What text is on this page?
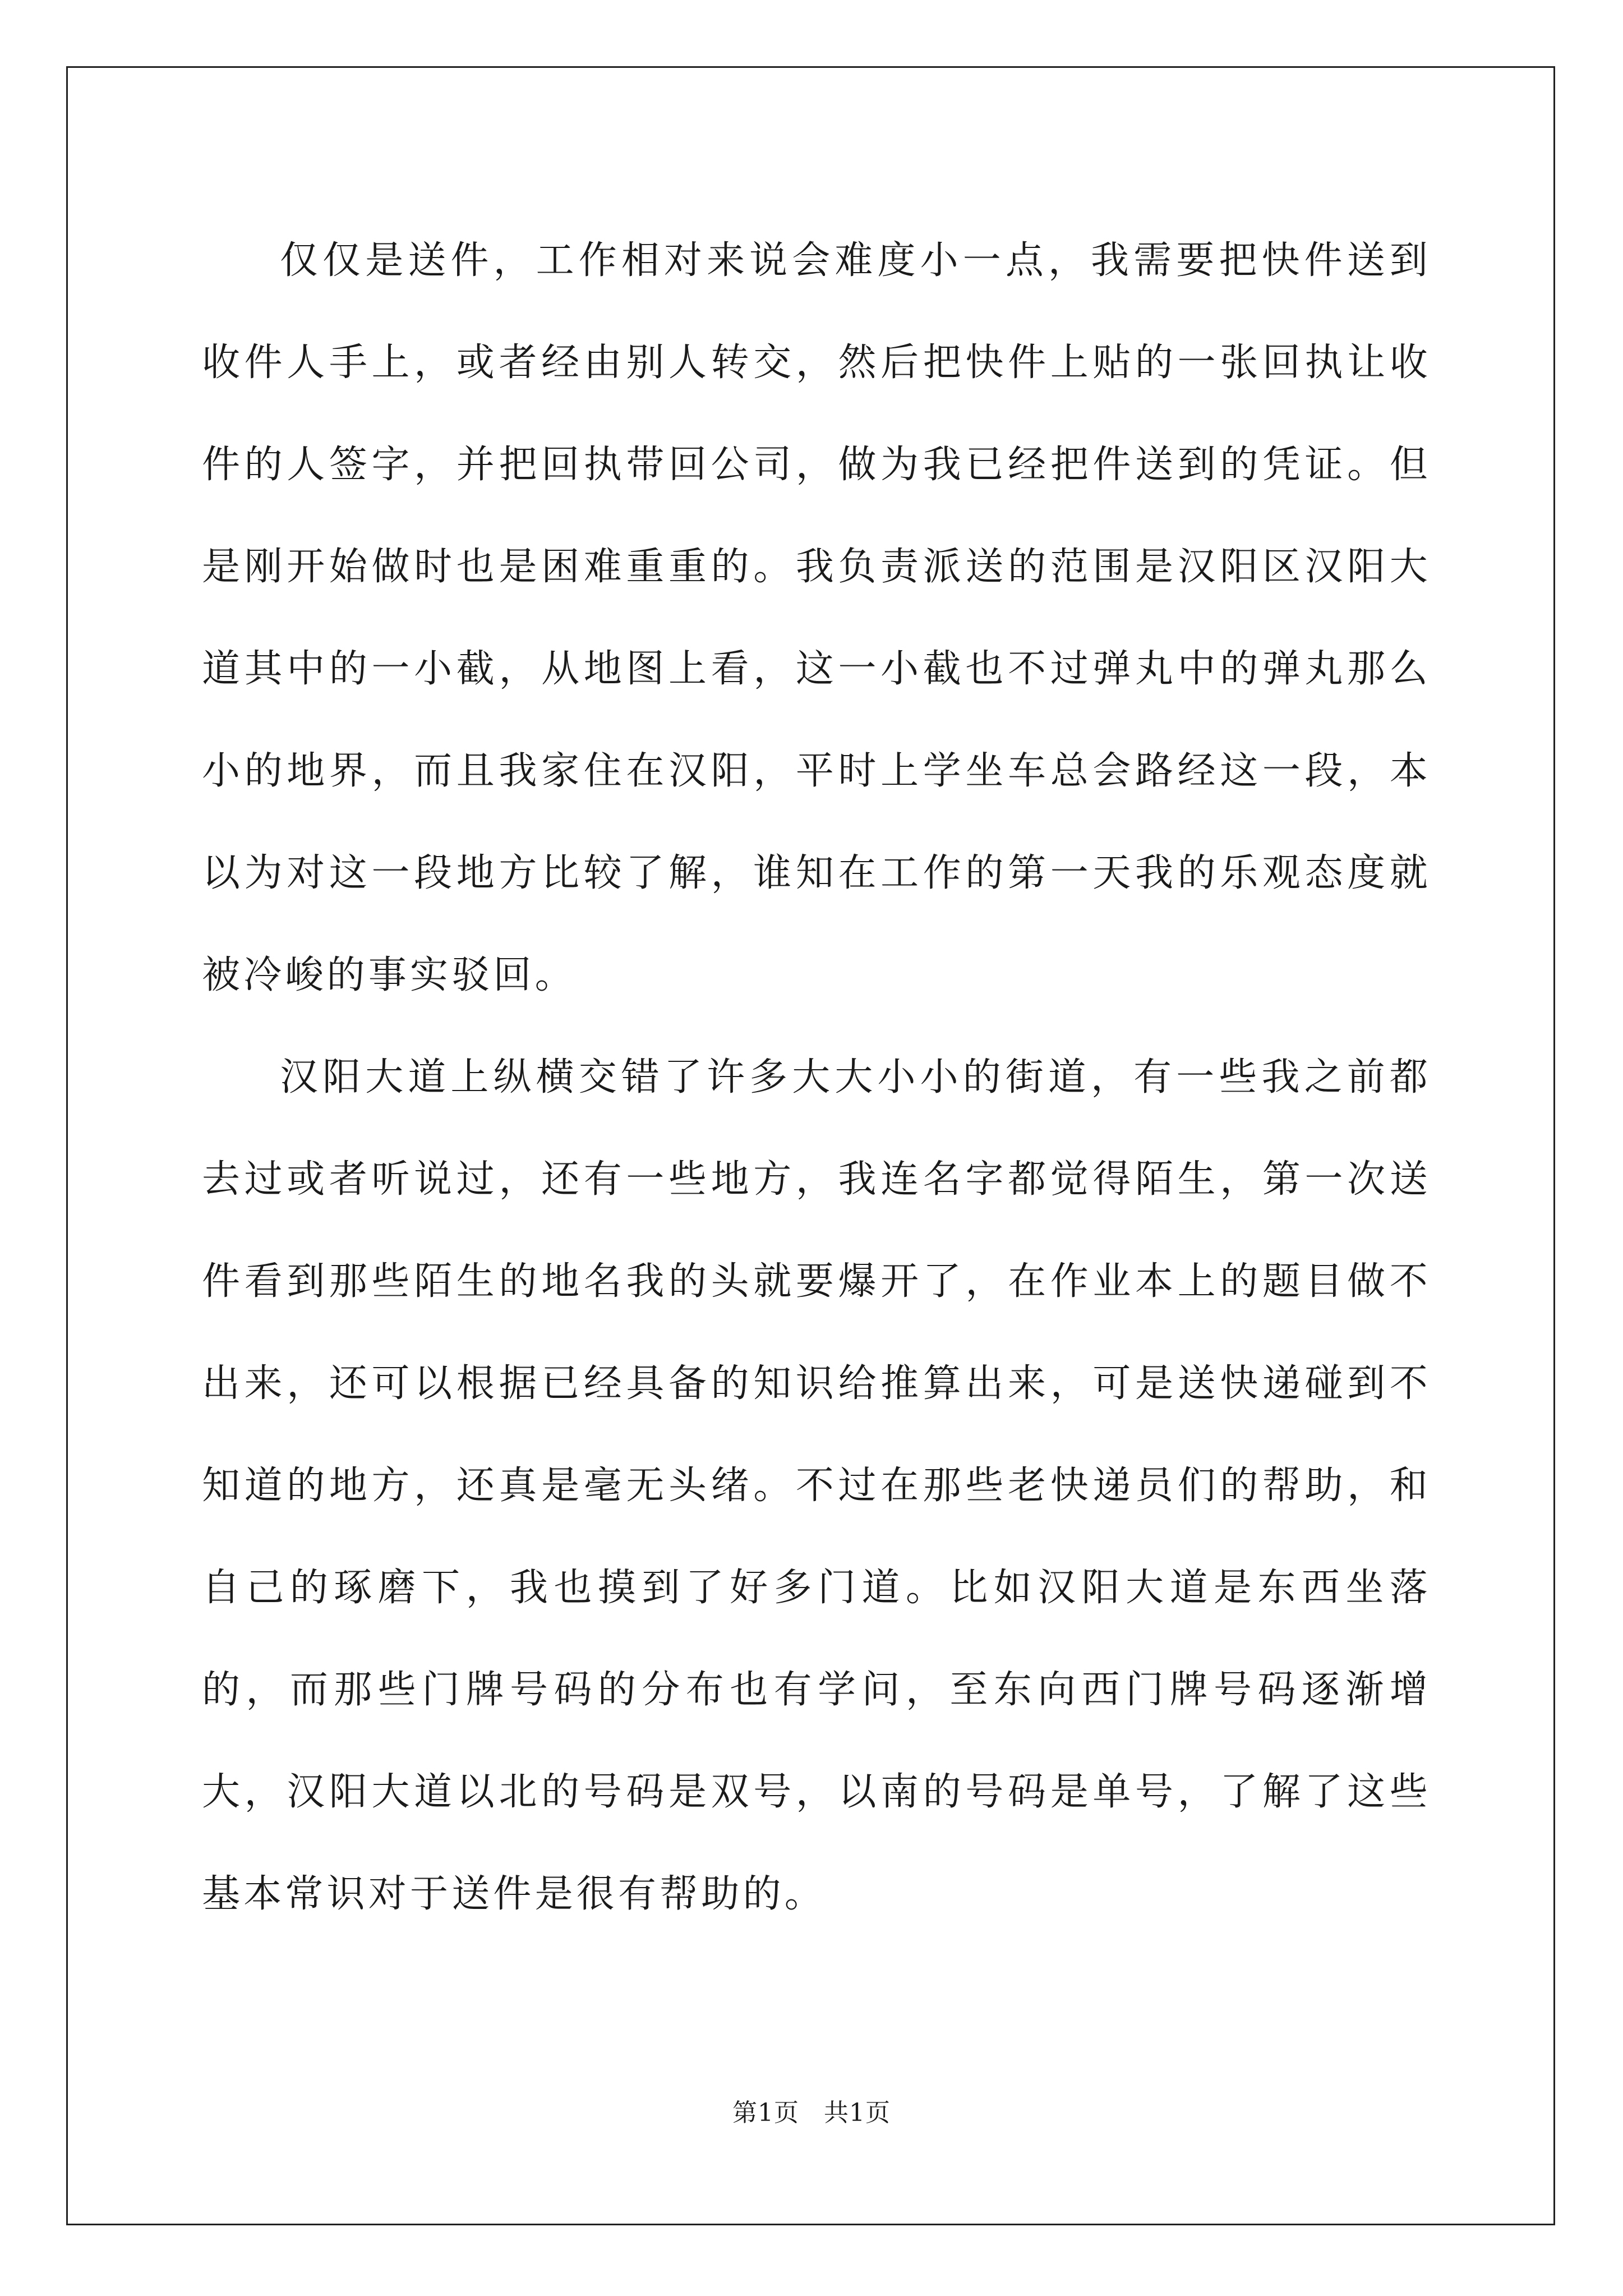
仅仅是送件，工作相对来说会难度小一点，我需要把快件送到收件人手上，或者经由别人转交，然后把快件上贴的一张回执让收件的人签字，并把回执带回公司，做为我已经把件送到的凭证。但是刚开始做时也是困难重重的。我负责派送的范围是汉阳区汉阳大道其中的一小截，从地图上看，这一小截也不过弹丸中的弹丸那么小的地界，而且我家住在汉阳，平时上学坐车总会路经这一段，本以为对这一段地方比较了解，谁知在工作的第一天我的乐观态度就被冷峻的事实驳回。

汉阳大道上纵横交错了许多大大小小的街道，有一些我之前都去过或者听说过，还有一些地方，我连名字都觉得陌生，第一次送件看到那些陌生的地名我的头就要爆开了，在作业本上的题目做不出来，还可以根据已经具备的知识给推算出来，可是送快递碰到不知道的地方，还真是毫无头绪。不过在那些老快递员们的帮助，和自己的琢磨下，我也摸到了好多门道。比如汉阳大道是东西坐落的，而那些门牌号码的分布也有学问，至东向西门牌号码逐渐增大，汉阳大道以北的号码是双号，以南的号码是单号，了解了这些基本常识对于送件是很有帮助的。

第1页 共1页
